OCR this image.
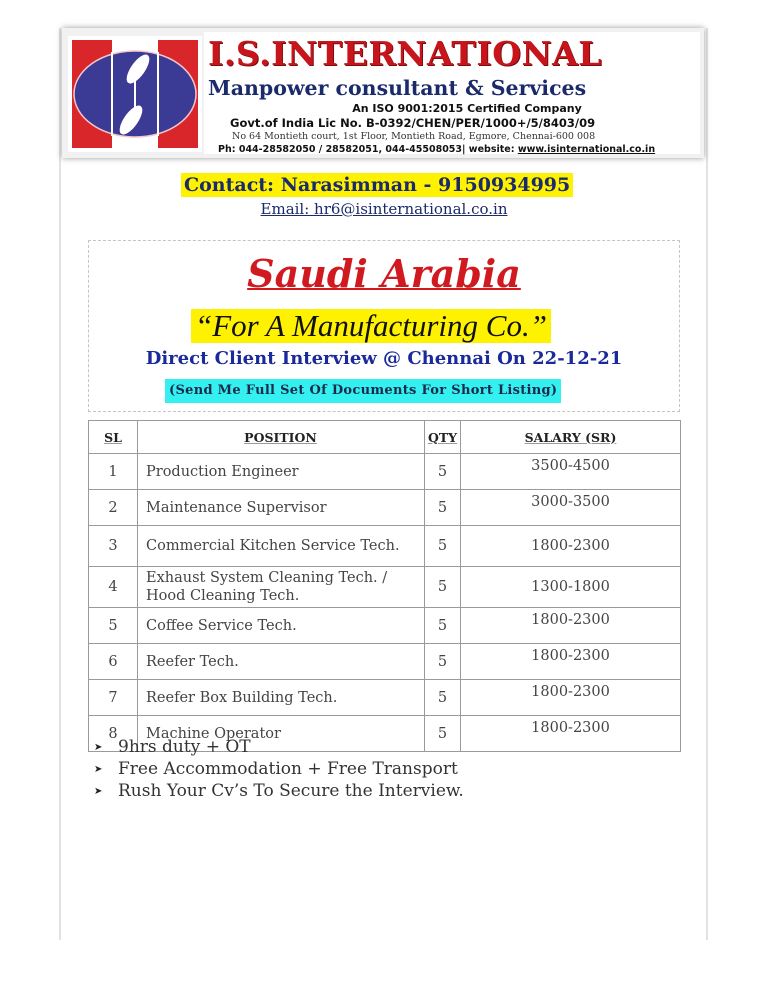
I.S.INTERNATIONAL
Manpower consultant & Services
An ISO 9001:2015 Certified Company
Govt.of India Lic No. B-0392/CHEN/PER/1000+/5/8403/09
No 64 Montieth court, 1st Floor, Montieth Road, Egmore, Chennai-600 008
Ph: 044-28582050 / 28582051, 044-45508053| website: www.isinternational.co.in
Contact: Narasimman - 9150934995
Email: hr6@isinternational.co.in
Saudi Arabia
“For A Manufacturing Co.”
Direct Client Interview @ Chennai On 22-12-21
(Send Me Full Set Of Documents For Short Listing)
SL	POSITION	QTY	SALARY (SR)
1	Production Engineer	5	3500-4500
2	Maintenance Supervisor	5	3000-3500
3	Commercial Kitchen Service Tech.	5	1800-2300
4	Exhaust System Cleaning Tech. / Hood Cleaning Tech.	5	1300-1800
5	Coffee Service Tech.	5	1800-2300
6	Reefer Tech.	5	1800-2300
7	Reefer Box Building Tech.	5	1800-2300
8	Machine Operator	5	1800-2300
➤ 9hrs duty + OT
➤ Free Accommodation + Free Transport
➤ Rush Your Cv’s To Secure the Interview.
